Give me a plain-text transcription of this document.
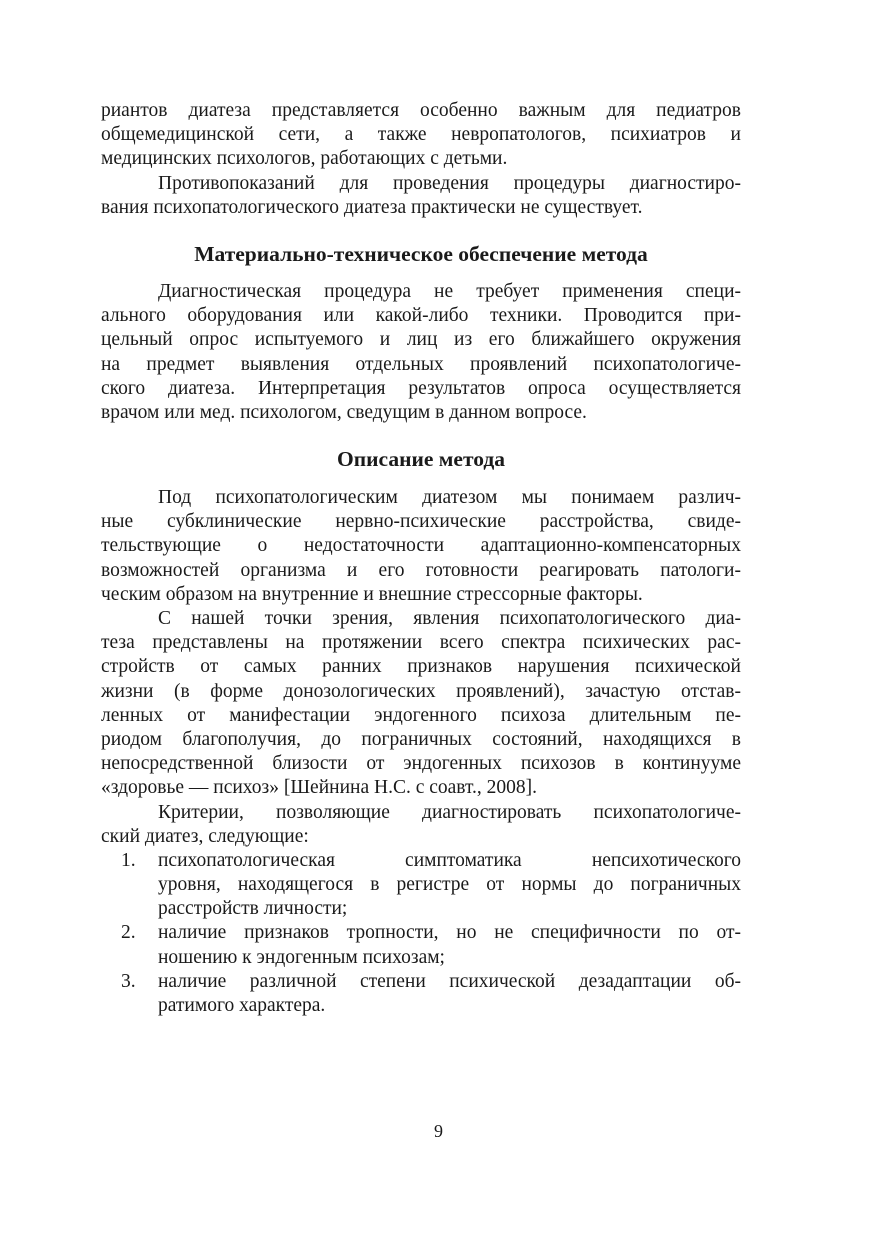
риантов диатеза представляется особенно важным для педиатров
общемедицинской сети, а также невропатологов, психиатров и
медицинских психологов, работающих с детьми.
Противопоказаний для проведения процедуры диагностиро-
вания психопатологического диатеза практически не существует.
Материально-техническое обеспечение метода
Диагностическая процедура не требует применения специ-
ального оборудования или какой-либо техники. Проводится при-
цельный опрос испытуемого и лиц из его ближайшего окружения
на предмет выявления отдельных проявлений психопатологиче-
ского диатеза. Интерпретация результатов опроса осуществляется
врачом или мед. психологом, сведущим в данном вопросе.
Описание метода
Под психопатологическим диатезом мы понимаем различ-
ные субклинические нервно-психические расстройства, свиде-
тельствующие о недостаточности адаптационно-компенсаторных
возможностей организма и его готовности реагировать патологи-
ческим образом на внутренние и внешние стрессорные факторы.
С нашей точки зрения, явления психопатологического диа-
теза представлены на протяжении всего спектра психических рас-
стройств от самых ранних признаков нарушения психической
жизни (в форме донозологических проявлений), зачастую отстав-
ленных от манифестации эндогенного психоза длительным пе-
риодом благополучия, до пограничных состояний, находящихся в
непосредственной близости от эндогенных психозов в континууме
«здоровье — психоз» [Шейнина Н.С. с соавт., 2008].
Критерии, позволяющие диагностировать психопатологиче-
ский диатез, следующие:
1. психопатологическая симптоматика непсихотического
уровня, находящегося в регистре от нормы до пограничных
расстройств личности;
2. наличие признаков тропности, но не специфичности по от-
ношению к эндогенным психозам;
3. наличие различной степени психической дезадаптации об-
ратимого характера.
9
